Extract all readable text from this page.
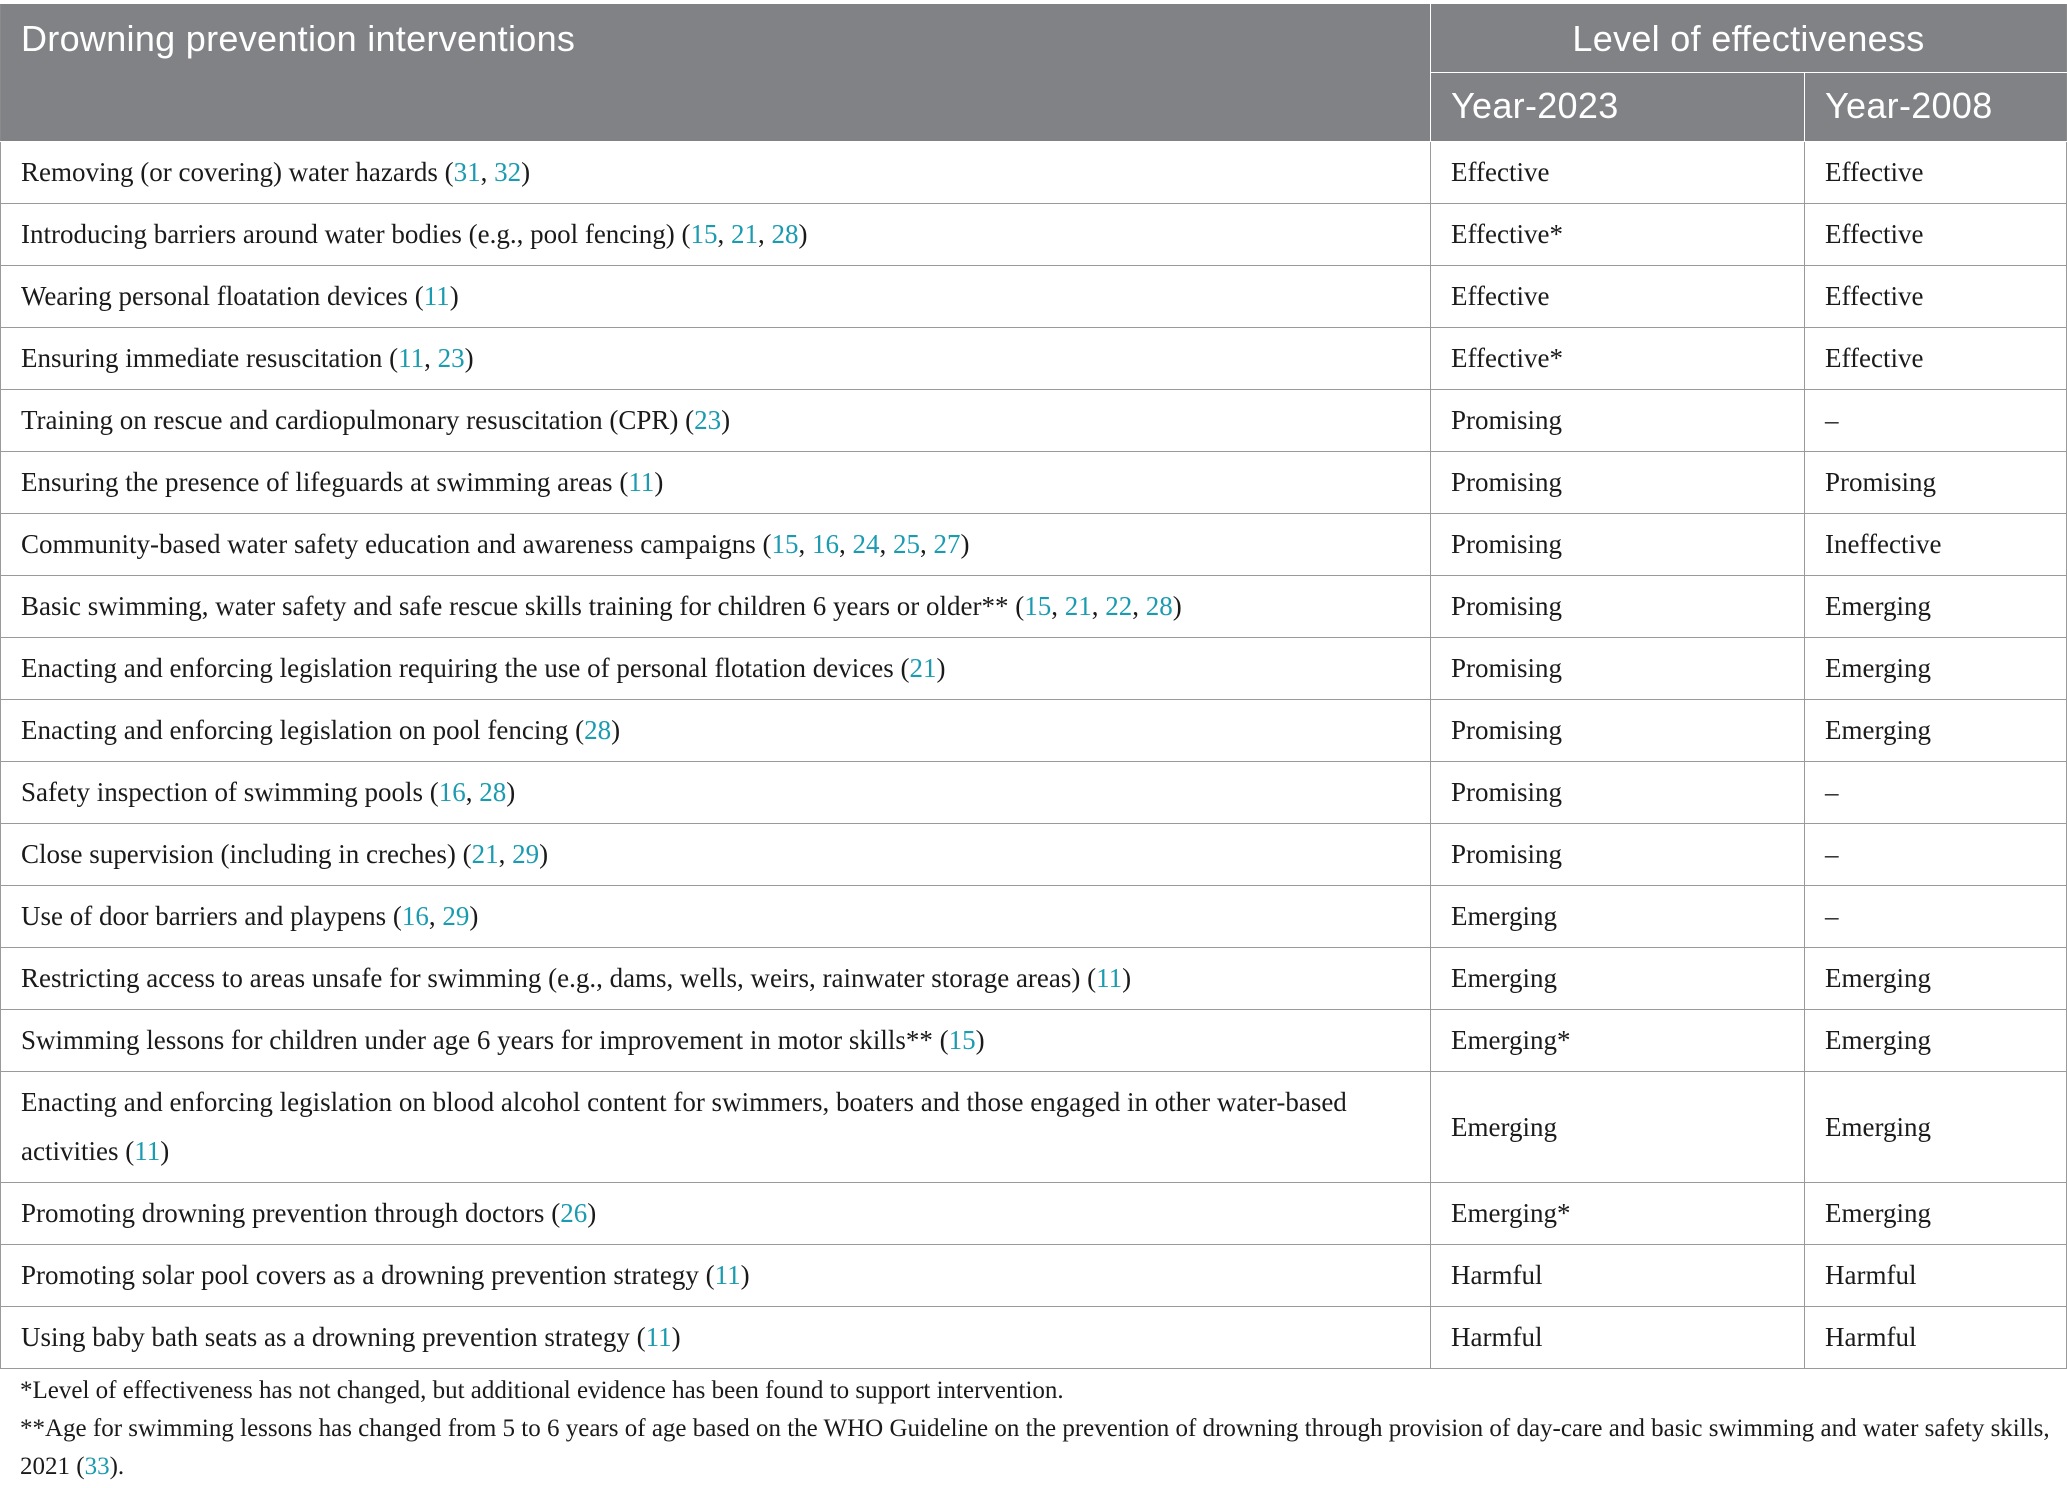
Drowning prevention interventions	Level of effectiveness	
	Year-2023	Year-2008
Removing (or covering) water hazards (31, 32)	Effective	Effective
Introducing barriers around water bodies (e.g., pool fencing) (15, 21, 28)	Effective*	Effective
Wearing personal floatation devices (11)	Effective	Effective
Ensuring immediate resuscitation (11, 23)	Effective*	Effective
Training on rescue and cardiopulmonary resuscitation (CPR) (23)	Promising	–
Ensuring the presence of lifeguards at swimming areas (11)	Promising	Promising
Community-based water safety education and awareness campaigns (15, 16, 24, 25, 27)	Promising	Ineffective
Basic swimming, water safety and safe rescue skills training for children 6 years or older** (15, 21, 22, 28)	Promising	Emerging
Enacting and enforcing legislation requiring the use of personal flotation devices (21)	Promising	Emerging
Enacting and enforcing legislation on pool fencing (28)	Promising	Emerging
Safety inspection of swimming pools (16, 28)	Promising	–
Close supervision (including in creches) (21, 29)	Promising	–
Use of door barriers and playpens (16, 29)	Emerging	–
Restricting access to areas unsafe for swimming (e.g., dams, wells, weirs, rainwater storage areas) (11)	Emerging	Emerging
Swimming lessons for children under age 6 years for improvement in motor skills** (15)	Emerging*	Emerging
Enacting and enforcing legislation on blood alcohol content for swimmers, boaters and those engaged in other water-based activities (11)	Emerging	Emerging
Promoting drowning prevention through doctors (26)	Emerging*	Emerging
Promoting solar pool covers as a drowning prevention strategy (11)	Harmful	Harmful
Using baby bath seats as a drowning prevention strategy (11)	Harmful	Harmful

*Level of effectiveness has not changed, but additional evidence has been found to support intervention.

**Age for swimming lessons has changed from 5 to 6 years of age based on the WHO Guideline on the prevention of drowning through provision of day-care and basic swimming and water safety skills, 2021 (33).
